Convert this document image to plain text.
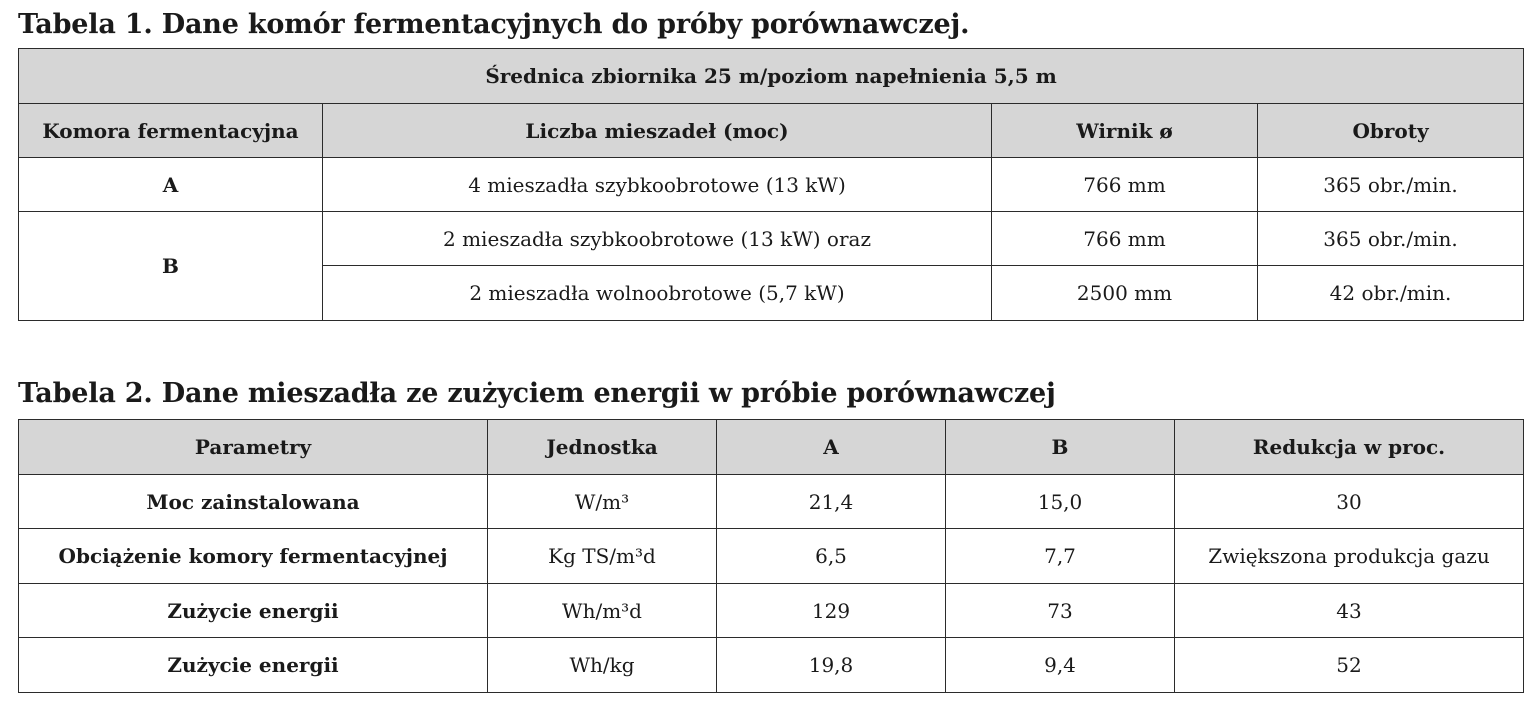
Tabela 1. Dane komór fermentacyjnych do próby porównawczej.
Średnica zbiornika 25 m/poziom napełnienia 5,5 m			
Komora fermentacyjna	Liczba mieszadeł (moc)	Wirnik ø	Obroty
A	4 mieszadła szybkoobrotowe (13 kW)	766 mm	365 obr./min.
B	2 mieszadła szybkoobrotowe (13 kW) oraz	766 mm	365 obr./min.
	2 mieszadła wolnoobrotowe (5,7 kW)	2500 mm	42 obr./min.
Tabela 2. Dane mieszadła ze zużyciem energii w próbie porównawczej
Parametry	Jednostka	A	B	Redukcja w proc.
Moc zainstalowana	W/m³	21,4	15,0	30
Obciążenie komory fermentacyjnej	Kg TS/m³d	6,5	7,7	Zwiększona produkcja gazu
Zużycie energii	Wh/m³d	129	73	43
Zużycie energii	Wh/kg	19,8	9,4	52
